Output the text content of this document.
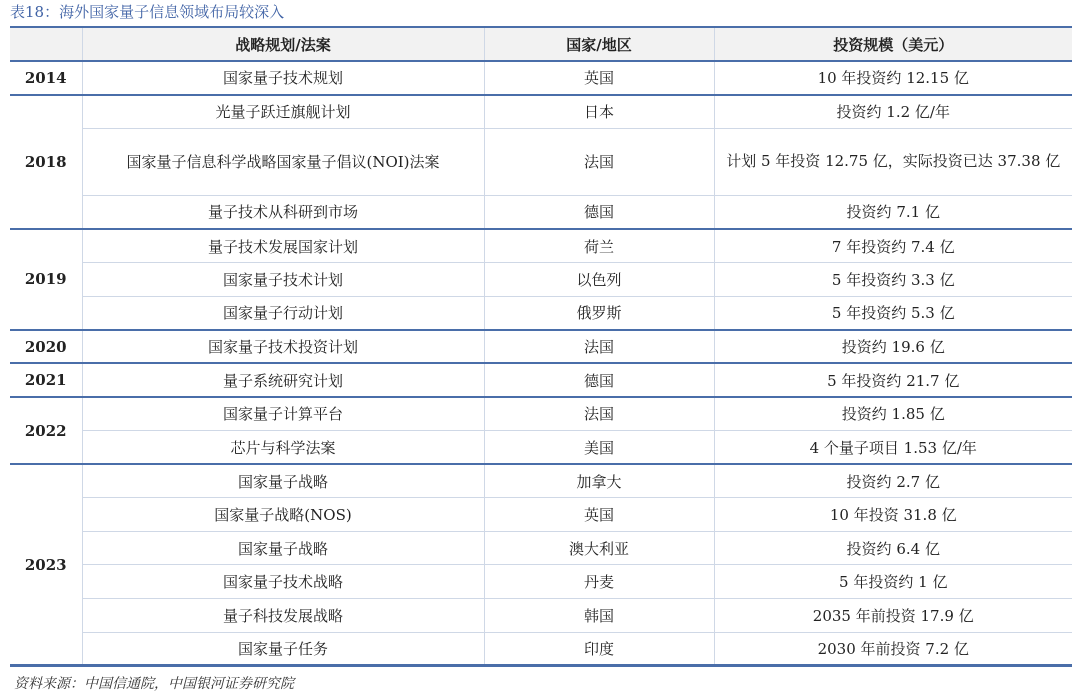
表18：海外国家量子信息领域布局较深入
	战略规划/法案	国家/地区	投资规模（美元）
2014	国家量子技术规划	英国	10 年投资约 12.15 亿
2018	光量子跃迁旗舰计划	日本	投资约 1.2 亿/年
	国家量子信息科学战略国家量子倡议(NOI)法案	法国	计划 5 年投资 12.75 亿，实际投资已达 37.38 亿
	量子技术从科研到市场	德国	投资约 7.1 亿
2019	量子技术发展国家计划	荷兰	7 年投资约 7.4 亿
	国家量子技术计划	以色列	5 年投资约 3.3 亿
	国家量子行动计划	俄罗斯	5 年投资约 5.3 亿
2020	国家量子技术投资计划	法国	投资约 19.6 亿
2021	量子系统研究计划	德国	5 年投资约 21.7 亿
2022	国家量子计算平台	法国	投资约 1.85 亿
	芯片与科学法案	美国	4 个量子项目 1.53 亿/年
2023	国家量子战略	加拿大	投资约 2.7 亿
	国家量子战略(NOS)	英国	10 年投资 31.8 亿
	国家量子战略	澳大利亚	投资约 6.4 亿
	国家量子技术战略	丹麦	5 年投资约 1 亿
	量子科技发展战略	韩国	2035 年前投资 17.9 亿
	国家量子任务	印度	2030 年前投资 7.2 亿
资料来源：中国信通院，中国银河证券研究院
